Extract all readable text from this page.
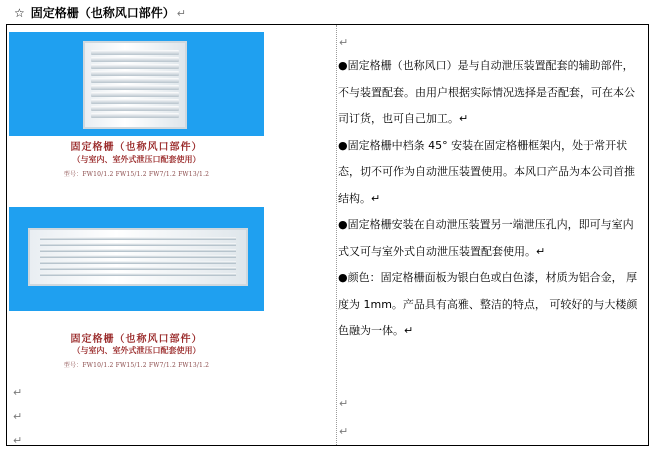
☆ 固定格栅（也称风口部件） ↵
↵
↵
↵
↵
↵
↵
固定格栅（也称风口部件）
（与室内、室外式泄压口配套使用）
型号：FW10/1.2 FW15/1.2 FW7/1.2 FW13/1.2
固定格栅（也称风口部件）
（与室内、室外式泄压口配套使用）
型号：FW10/1.2 FW15/1.2 FW7/1.2 FW13/1.2

●固定格栅（也称风口）是与自动泄压装置配套的辅助部件，不与装置配套。由用户根据实际情况选择是否配套，可在本公司订货，也可自己加工。↵

●固定格栅中档条 45° 安装在固定格栅框架内，处于常开状态，切不可作为自动泄压装置使用。本风口产品为本公司首推结构。↵

●固定格栅安装在自动泄压装置另一端泄压孔内，即可与室内式又可与室外式自动泄压装置配套使用。↵

●颜色：固定格栅面板为银白色或白色漆，材质为铝合金， 厚度为 1mm。产品具有高雅、整洁的特点， 可较好的与大楼颜色融为一体。↵
